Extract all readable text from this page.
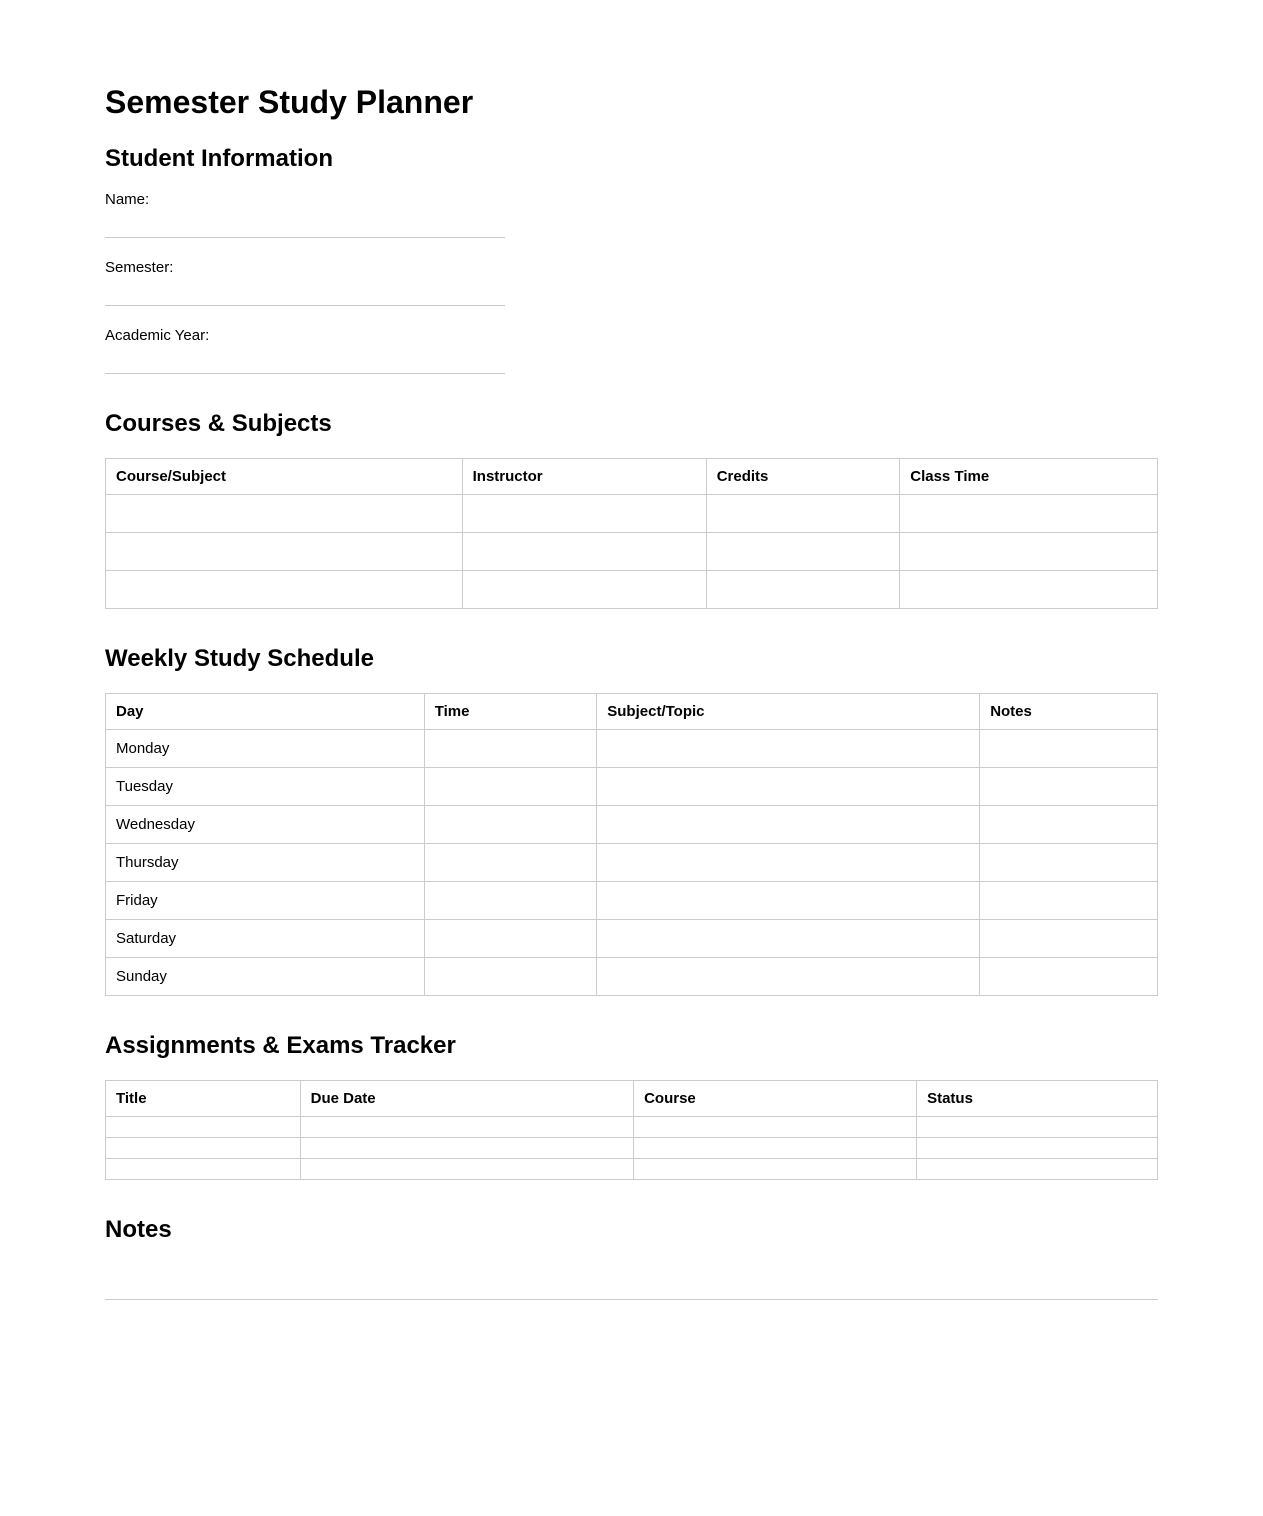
Semester Study Planner
Student Information
Name:
Semester:
Academic Year:
Courses & Subjects
Course/Subject	Instructor	Credits	Class Time

Weekly Study Schedule
Day	Time	Subject/Topic	Notes
Monday			
Tuesday			
Wednesday			
Thursday			
Friday			
Saturday			
Sunday			
Assignments & Exams Tracker
Title	Due Date	Course	Status

Notes
